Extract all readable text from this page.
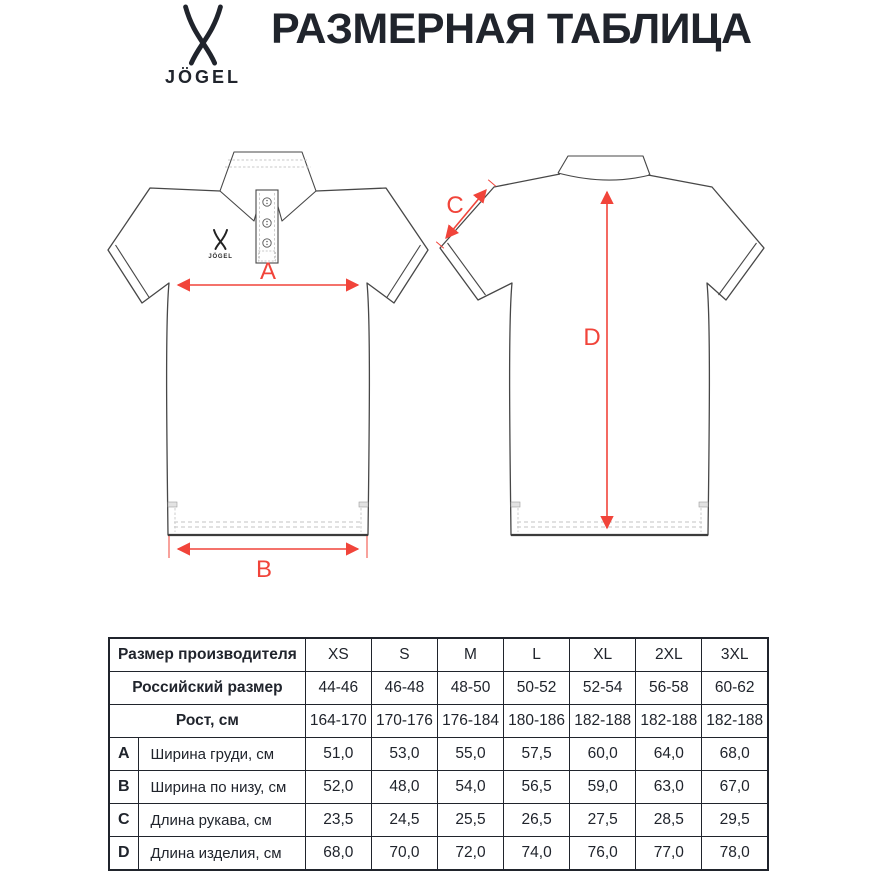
JÖGEL
РАЗМЕРНАЯ ТАБЛИЦА
JÖGEL
A
B
C
D
Размер производителя		XS	S	M	L	XL	2XL	3XL
Российский размер		44-46	46-48	48-50	50-52	52-54	56-58	60-62
Рост, см		164-170	170-176	176-184	180-186	182-188	182-188	182-188
A	Ширина груди, см	51,0	53,0	55,0	57,5	60,0	64,0	68,0
B	Ширина по низу, см	52,0	48,0	54,0	56,5	59,0	63,0	67,0
C	Длина рукава, см	23,5	24,5	25,5	26,5	27,5	28,5	29,5
D	Длина изделия, см	68,0	70,0	72,0	74,0	76,0	77,0	78,0
